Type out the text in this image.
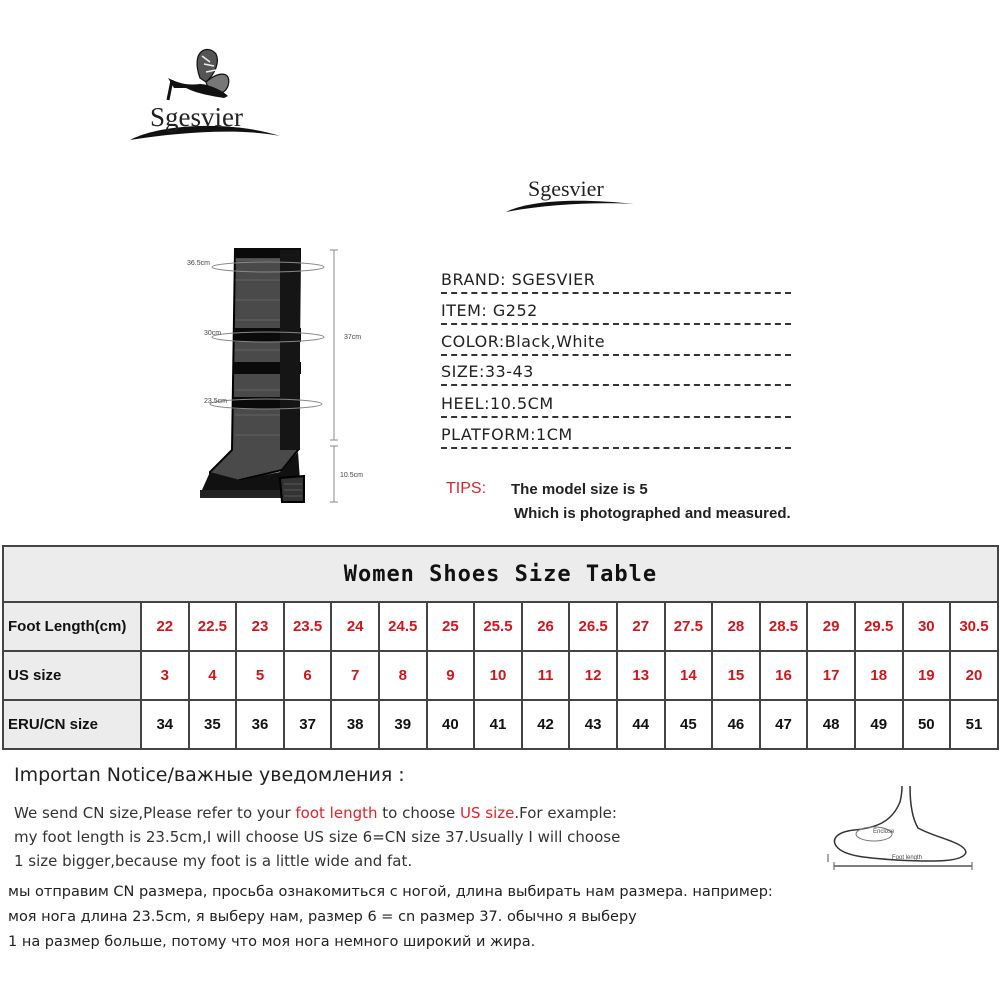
Sgesvier
Sgesvier
36.5cm
30cm
23.5cm
37cm
10.5cm
BRAND: SGESVIER
ITEM: G252
COLOR:Black,White
SIZE:33-43
HEEL:10.5CM
PLATFORM:1CM
TIPS: The model size is 5
Which is photographed and measured.
Women Shoes Size Table																		
Foot Length(cm)	22	22.5	23	23.5	24	24.5	25	25.5	26	26.5	27	27.5	28	28.5	29	29.5	30	30.5
US size	3	4	5	6	7	8	9	10	11	12	13	14	15	16	17	18	19	20
ERU/CN size	34	35	36	37	38	39	40	41	42	43	44	45	46	47	48	49	50	51
Importan Notice/важные уведомления :
We send CN size,Please refer to your foot length to choose US size.For example:
my foot length is 23.5cm,I will choose US size 6=CN size 37.Usually I will choose
1 size bigger,because my foot is a little wide and fat.
мы отправим CN размера, просьба ознакомиться с ногой, длина выбирать нам размера. например:
моя нога длина 23.5cm, я выберу нам, размер 6 = cn размер 37. обычно я выберу
1 на размер больше, потому что моя нога немного широкий и жира.
Enclose
Foot length
